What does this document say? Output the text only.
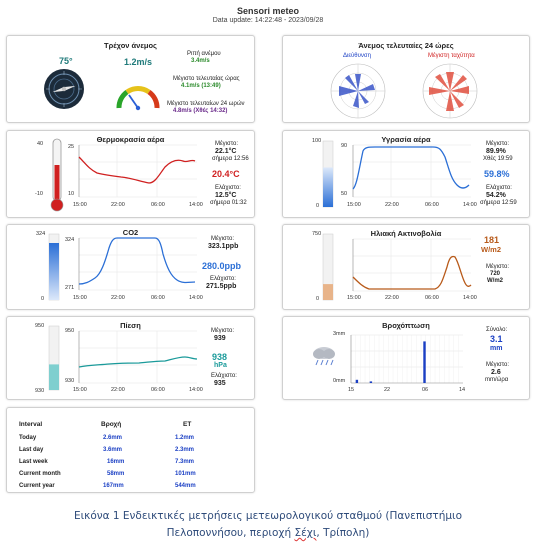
Sensori meteo
Data update: 14:22:48 - 2023/09/28
Τρέχον άνεμος
75°	1.2m/s
Ριπή ανέμου
3.4m/s
Μέγιστο τελευταίας ώρας
4.1m/s (13:49)
Μέγιστο τελευταίων 24 ωρών
4.8m/s (Χθές 14:32)
Άνεμος τελευταίες 24 ώρες
Διεύθυνση	Μέγιστη ταχύτητα
Θερμοκρασία αέρα
40
-10
25
10
15:00	22:00	06:00	14:00
Μέγιστο:
22.1°C
σήμερα 12:56
20.4°C
Ελάχιστο:
12.5°C
σήμερα 01:32
Υγρασία αέρα
100
0
90
50
15:00	22:00	06:00	14:00
Μέγιστο:
89.9%
Χθές 19:59
59.8%
Ελάχιστο:
54.2%
σήμερα 12:59
324
0
CO2
324
271
15:00	22:00	06:00	14:00
Μέγιστο:
323.1ppb
280.0ppb
Ελάχιστο:
271.5ppb
Ηλιακή Ακτινοβολία
750
0	15:00	22:00	06:00	14:00
181
W/m2
Μέγιστο:
720
W/m2
Πίεση
950
930
950
930
15:00	22:00	06:00	14:00
Μέγιστο:
939
938
hPa
Ελάχιστο:
935
Βροχόπτωση
3mm
0mm
15	22	06	14
Σύνολο:
3.1
mm
Μέγιστο:
2.6
mm/ώρα
Interval	Βροχή	ET
Today	2.6mm	1.2mm
Last day	3.6mm	2.3mm
Last week	16mm	7.3mm
Current month	58mm	101mm
Current year	167mm	544mm
Εικόνα 1 Ενδεικτικές μετρήσεις μετεωρολογικού σταθμού (Πανεπιστήμιο
Πελοποννήσου, περιοχή Σέχι, Τρίπολη)
